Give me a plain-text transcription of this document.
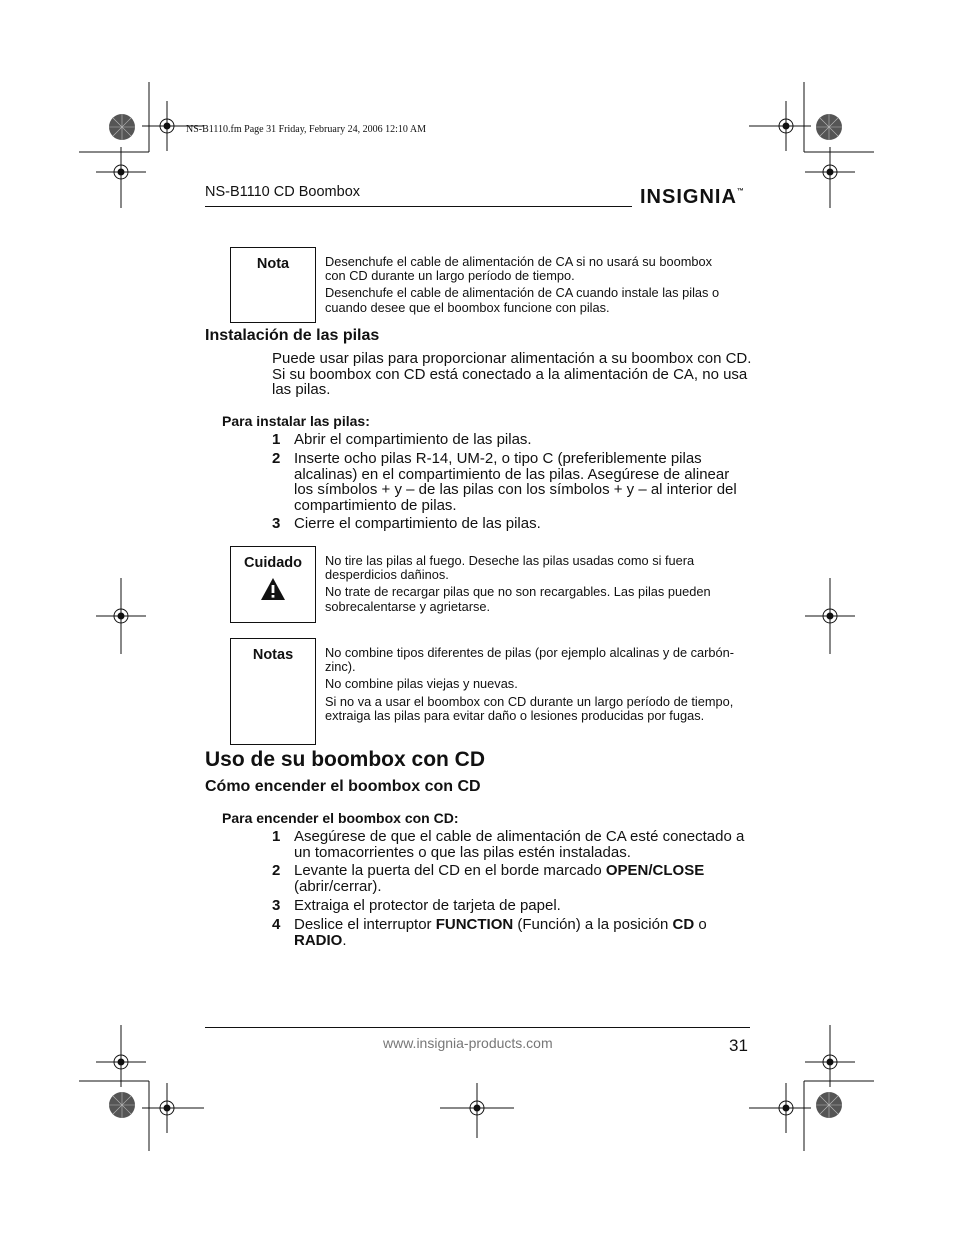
NS-B1110.fm Page 31 Friday, February 24, 2006 12:10 AM
NS-B1110 CD Boombox	INSIGNIA™
Nota	Desenchufe el cable de alimentación de CA si no usará su boombox con CD durante un largo período de tiempo.

Desenchufe el cable de alimentación de CA cuando instale las pilas o cuando desee que el boombox funcione con pilas.

Instalación de las pilas
Puede usar pilas para proporcionar alimentación a su boombox con CD. Si su boombox con CD está conectado a la alimentación de CA, no usa las pilas.
Para instalar las pilas:
1 Abrir el compartimiento de las pilas.
2 Inserte ocho pilas R-14, UM-2, o tipo C (preferiblemente pilas alcalinas) en el compartimiento de las pilas. Asegúrese de alinear los símbolos + y – de las pilas con los símbolos + y – al interior del compartimiento de pilas.
3 Cierre el compartimiento de las pilas.
Cuidado	No tire las pilas al fuego. Deseche las pilas usadas como si fuera desperdicios dañinos.

No trate de recargar pilas que no son recargables. Las pilas pueden sobrecalentarse y agrietarse.

Notas	No combine tipos diferentes de pilas (por ejemplo alcalinas y de carbón-zinc).

No combine pilas viejas y nuevas.

Si no va a usar el boombox con CD durante un largo período de tiempo, extraiga las pilas para evitar daño o lesiones producidas por fugas.

Uso de su boombox con CD
Cómo encender el boombox con CD
Para encender el boombox con CD:
1 Asegúrese de que el cable de alimentación de CA esté conectado a un tomacorrientes o que las pilas estén instaladas.
2 Levante la puerta del CD en el borde marcado OPEN/CLOSE (abrir/cerrar).
3 Extraiga el protector de tarjeta de papel.
4 Deslice el interruptor FUNCTION (Función) a la posición CD o RADIO.
www.insignia-products.com	31
